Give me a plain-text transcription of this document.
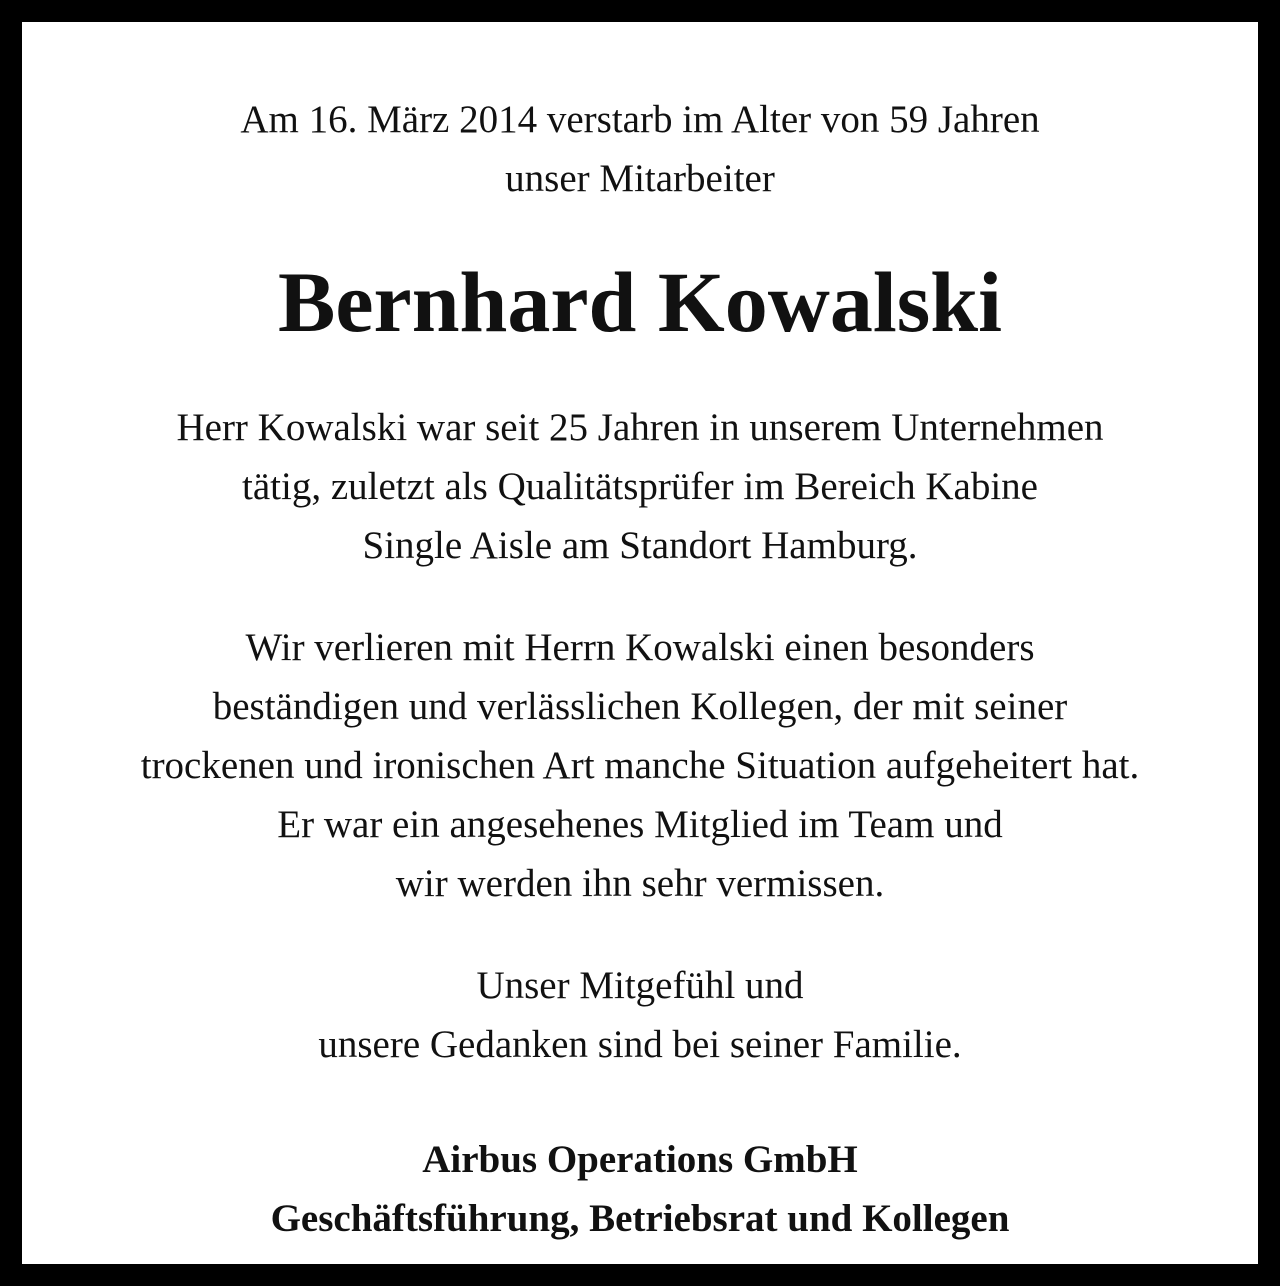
Am 16. März 2014 verstarb im Alter von 59 Jahren
unser Mitarbeiter
Bernhard Kowalski
Herr Kowalski war seit 25 Jahren in unserem Unternehmen
tätig, zuletzt als Qualitätsprüfer im Bereich Kabine
Single Aisle am Standort Hamburg.
Wir verlieren mit Herrn Kowalski einen besonders
beständigen und verlässlichen Kollegen, der mit seiner
trockenen und ironischen Art manche Situation aufgeheitert hat.
Er war ein angesehenes Mitglied im Team und
wir werden ihn sehr vermissen.
Unser Mitgefühl und
unsere Gedanken sind bei seiner Familie.
Airbus Operations GmbH
Geschäftsführung, Betriebsrat und Kollegen
